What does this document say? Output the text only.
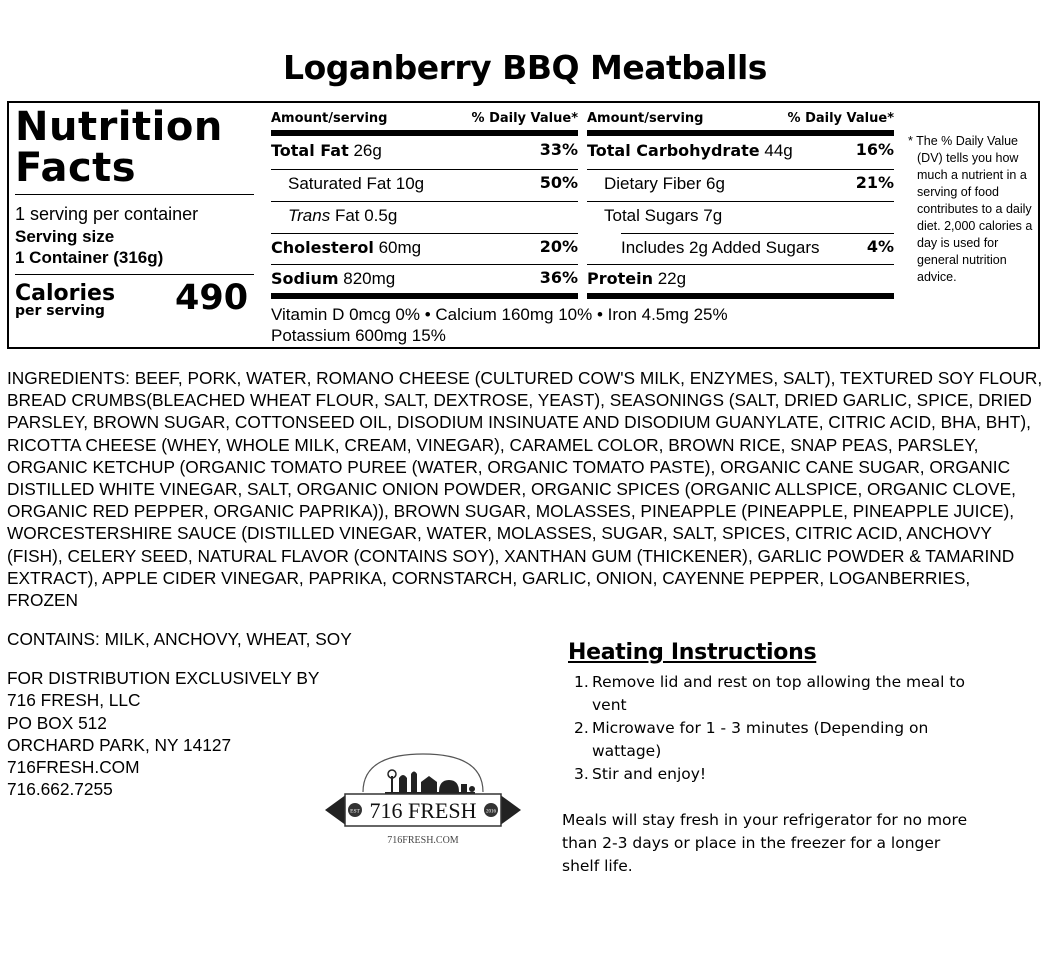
Loganberry BBQ Meatballs
Nutrition
Facts
1 serving per container
Serving size
1 Container (316g)
Calories
per serving 490
Amount/serving	% Daily Value*
Total Fat 26g	33%
Saturated Fat 10g	50%
Trans Fat 0.5g
Cholesterol 60mg	20%
Sodium 820mg	36%
Amount/serving	% Daily Value*
Total Carbohydrate 44g	16%
Dietary Fiber 6g	21%
Total Sugars 7g
Includes 2g Added Sugars	4%
Protein 22g
Vitamin D 0mcg 0% • Calcium 160mg 10% • Iron 4.5mg 25%
Potassium 600mg 15%
* The % Daily Value (DV) tells you how much a nutrient in a serving of food contributes to a daily diet. 2,000 calories a day is used for general nutrition advice.
INGREDIENTS: BEEF, PORK, WATER, ROMANO CHEESE (CULTURED COW'S MILK, ENZYMES, SALT), TEXTURED SOY FLOUR, BREAD CRUMBS(BLEACHED WHEAT FLOUR, SALT, DEXTROSE, YEAST), SEASONINGS (SALT, DRIED GARLIC, SPICE, DRIED PARSLEY, BROWN SUGAR, COTTONSEED OIL, DISODIUM INSINUATE AND DISODIUM GUANYLATE, CITRIC ACID, BHA, BHT), RICOTTA CHEESE (WHEY, WHOLE MILK, CREAM, VINEGAR), CARAMEL COLOR, BROWN RICE, SNAP PEAS, PARSLEY, ORGANIC KETCHUP (ORGANIC TOMATO PUREE (WATER, ORGANIC TOMATO PASTE), ORGANIC CANE SUGAR, ORGANIC DISTILLED WHITE VINEGAR, SALT, ORGANIC ONION POWDER, ORGANIC SPICES (ORGANIC ALLSPICE, ORGANIC CLOVE, ORGANIC RED PEPPER, ORGANIC PAPRIKA)), BROWN SUGAR, MOLASSES, PINEAPPLE (PINEAPPLE, PINEAPPLE JUICE), WORCESTERSHIRE SAUCE (DISTILLED VINEGAR, WATER, MOLASSES, SUGAR, SALT, SPICES, CITRIC ACID, ANCHOVY (FISH), CELERY SEED, NATURAL FLAVOR (CONTAINS SOY), XANTHAN GUM (THICKENER), GARLIC POWDER & TAMARIND EXTRACT), APPLE CIDER VINEGAR, PAPRIKA, CORNSTARCH, GARLIC, ONION, CAYENNE PEPPER, LOGANBERRIES, FROZEN
CONTAINS: MILK, ANCHOVY, WHEAT, SOY
FOR DISTRIBUTION EXCLUSIVELY BY
716 FRESH, LLC
PO BOX 512
ORCHARD PARK, NY 14127
716FRESH.COM
716.662.7255
EST	2016
716 FRESH
716FRESH.COM
Heating Instructions
1. Remove lid and rest on top allowing the meal to vent
2. Microwave for 1 - 3 minutes (Depending on wattage)
3. Stir and enjoy!
Meals will stay fresh in your refrigerator for no more than 2-3 days or place in the freezer for a longer shelf life.
